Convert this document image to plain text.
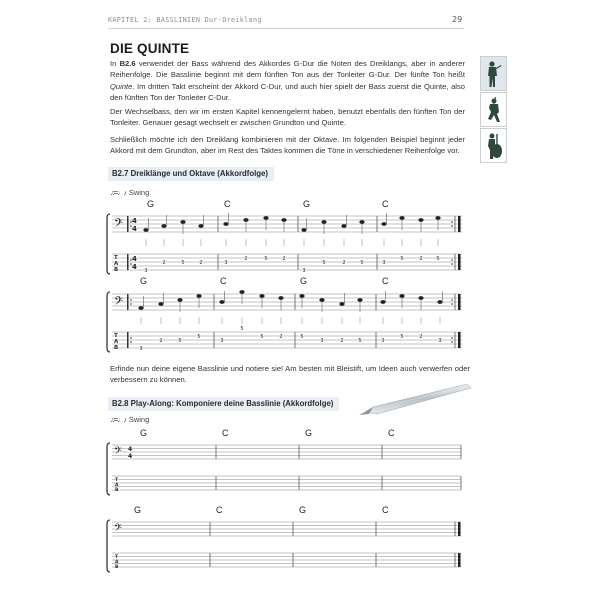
KAPITEL 2: BASSLINIEN Dur-Dreiklang	29
DIE QUINTE
In B2.6 verwendet der Bass während des Akkordes G-Dur die Noten des Dreiklangs, aber in anderer Reihenfolge. Die Basslinie beginnt mit dem fünften Ton aus der Tonleiter G-Dur. Der fünfte Ton heißt Quinte. Im dritten Takt erscheint der Akkord C-Dur, und auch hier spielt der Bass zuerst die Quinte, also den fünften Ton der Tonleiter C-Dur.
Der Wechselbass, den wir im ersten Kapitel kennengelernt haben, benutzt ebenfalls den fünften Ton der Tonleiter. Genauer gesagt wechselt er zwischen Grundton und Quinte.
Schließlich möchte ich den Dreiklang kombinieren mit der Oktave. Im folgenden Beispiel beginnt jeder Akkord mit dem Grundton, aber im Rest des Taktes kommen die Töne in verschiedener Reihenfolge vor.
B2.7 Dreiklänge und Oktave (Akkordfolge)
♫=♩♪ Swing
G	C	G	C
𝄢 4
4
T
A
B
4
4 3
2	5	2	3
2	5	2
3
5	2	5	3
5	2	5
G	C	G	C
𝄢
T
A
B	3
2	5
5
3
5
5	2	5
3	2	5	3
5	2
3
Erfinde nun deine eigene Basslinie und notiere sie! Am besten mit Bleistift, um Ideen auch verwerfen oder verbessern zu können.
B2.8 Play-Along: Komponiere deine Basslinie (Akkordfolge)
♫=♩♪ Swing
G	C	G	C
𝄢 4
4
T
A
B
G	C	G	C
𝄢
T
A
B
